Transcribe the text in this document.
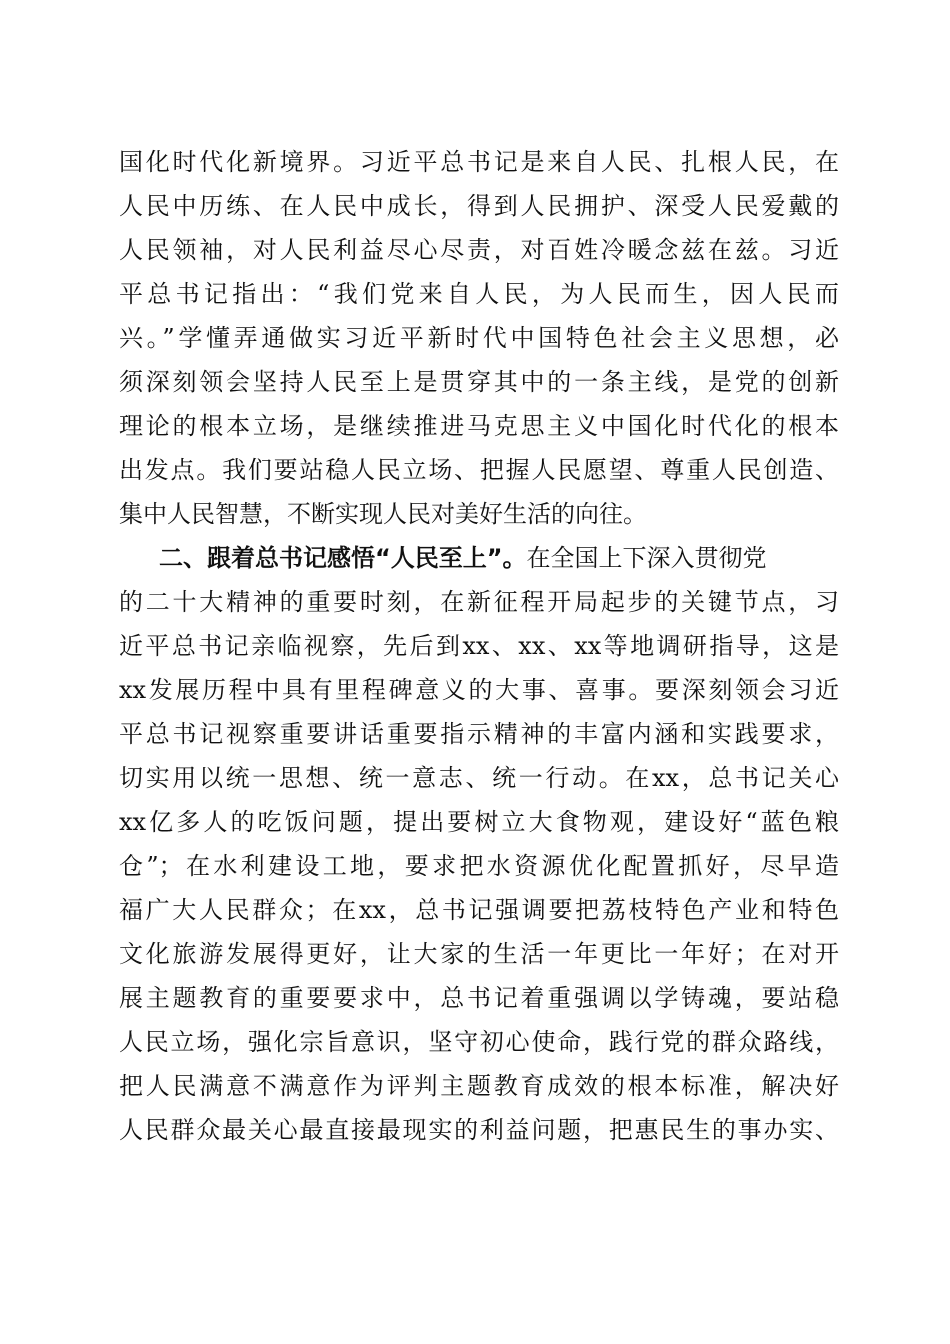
国化时代化新境界。习近平总书记是来自人民、扎根人民，在
人民中历练、在人民中成长，得到人民拥护、深受人民爱戴的
人民领袖，对人民利益尽心尽责，对百姓冷暖念兹在兹。习近
平总书记指出：“我们党来自人民，为人民而生，因人民而
兴。”学懂弄通做实习近平新时代中国特色社会主义思想，必
须深刻领会坚持人民至上是贯穿其中的一条主线，是党的创新
理论的根本立场，是继续推进马克思主义中国化时代化的根本
出发点。我们要站稳人民立场、把握人民愿望、尊重人民创造、
集中人民智慧，不断实现人民对美好生活的向往。
二、跟着总书记感悟“人民至上”。在全国上下深入贯彻党
的二十大精神的重要时刻，在新征程开局起步的关键节点，习
近平总书记亲临视察，先后到xx、xx、xx等地调研指导，这是
xx发展历程中具有里程碑意义的大事、喜事。要深刻领会习近
平总书记视察重要讲话重要指示精神的丰富内涵和实践要求，
切实用以统一思想、统一意志、统一行动。在xx，总书记关心
xx亿多人的吃饭问题，提出要树立大食物观，建设好“蓝色粮
仓”；在水利建设工地，要求把水资源优化配置抓好，尽早造
福广大人民群众；在xx，总书记强调要把荔枝特色产业和特色
文化旅游发展得更好，让大家的生活一年更比一年好；在对开
展主题教育的重要要求中，总书记着重强调以学铸魂，要站稳
人民立场，强化宗旨意识，坚守初心使命，践行党的群众路线，
把人民满意不满意作为评判主题教育成效的根本标准，解决好
人民群众最关心最直接最现实的利益问题，把惠民生的事办实、
